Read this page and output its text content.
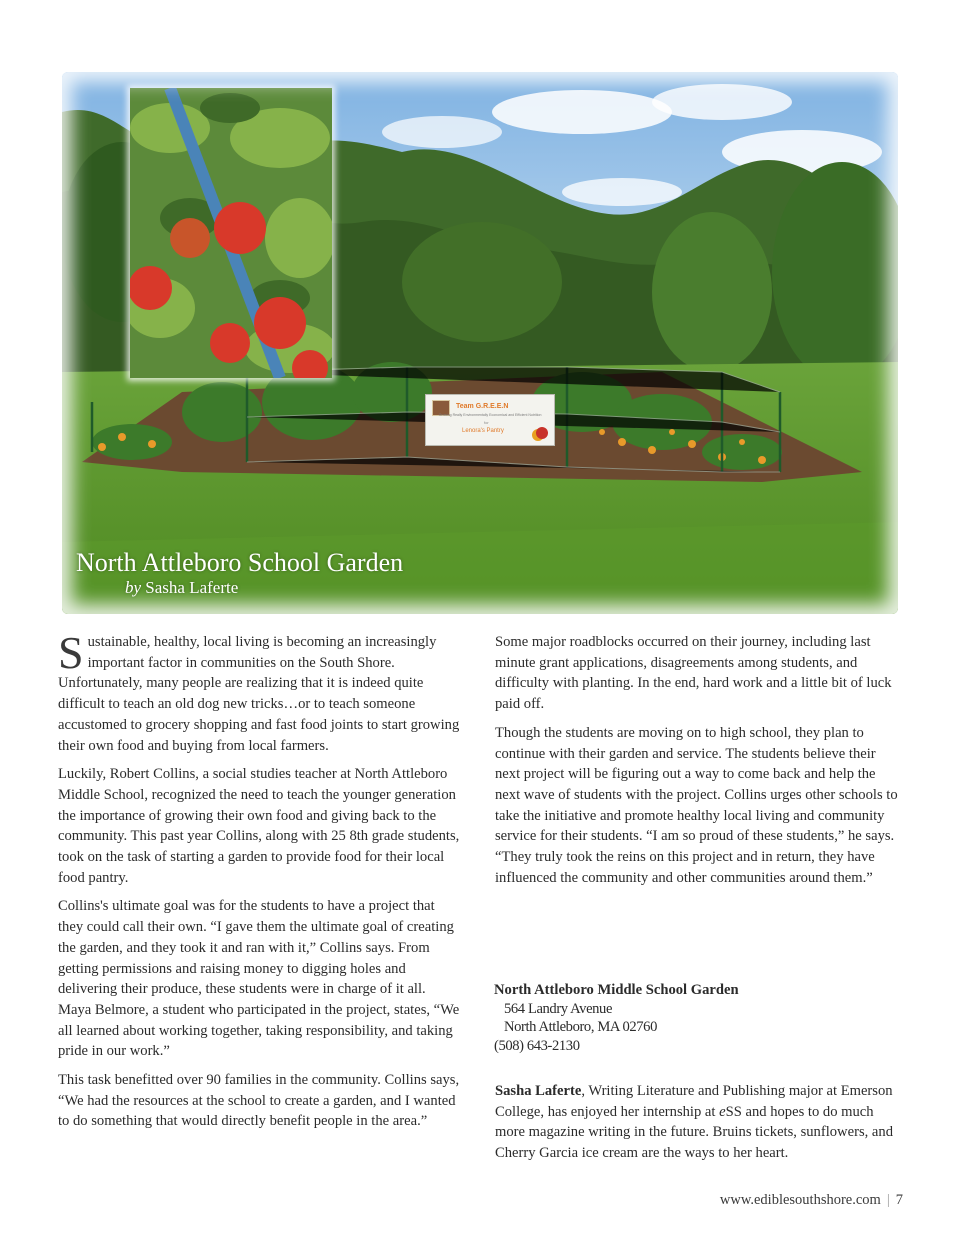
Team G.R.E.E.N
Growing Really Environmentally Economical and Efficient Nutrition
for
Lenora's Pantry
North Attleboro School Garden
by Sasha Laferte

Sustainable, healthy, local living is becoming an increasingly important factor in communities on the South Shore. Unfortunately, many people are realizing that it is indeed quite difficult to teach an old dog new tricks…or to teach someone accustomed to grocery shopping and fast food joints to start growing their own food and buying from local farmers.

Luckily, Robert Collins, a social studies teacher at North Attleboro Middle School, recognized the need to teach the younger generation the importance of growing their own food and giving back to the community. This past year Collins, along with 25 8th grade students, took on the task of starting a garden to provide food for their local food pantry.

Collins's ultimate goal was for the students to have a project that they could call their own. “I gave them the ultimate goal of creating the garden, and they took it and ran with it,” Collins says. From getting permissions and raising money to digging holes and delivering their produce, these students were in charge of it all. Maya Belmore, a student who participated in the project, states, “We all learned about working together, taking responsibility, and taking pride in our work.”

This task benefitted over 90 families in the community. Collins says, “We had the resources at the school to create a garden, and I wanted to do something that would directly benefit people in the area.”

Some major roadblocks occurred on their journey, including last minute grant applications, disagreements among students, and difficulty with planting. In the end, hard work and a little bit of luck paid off.

Though the students are moving on to high school, they plan to continue with their garden and service. The students believe their next project will be figuring out a way to come back and help the next wave of students with the project. Collins urges other schools to take the initiative and promote healthy local living and community service for their students. “I am so proud of these students,” he says. “They truly took the reins on this project and in return, they have influenced the community and other communities around them.”

North Attleboro Middle School Garden
564 Landry Avenue
North Attleboro, MA 02760
(508) 643-2130

Sasha Laferte, Writing Literature and Publishing major at Emerson College, has enjoyed her internship at eSS and hopes to do much more magazine writing in the future. Bruins tickets, sunflowers, and Cherry Garcia ice cream are the ways to her heart.

www.ediblesouthshore.com | 7
